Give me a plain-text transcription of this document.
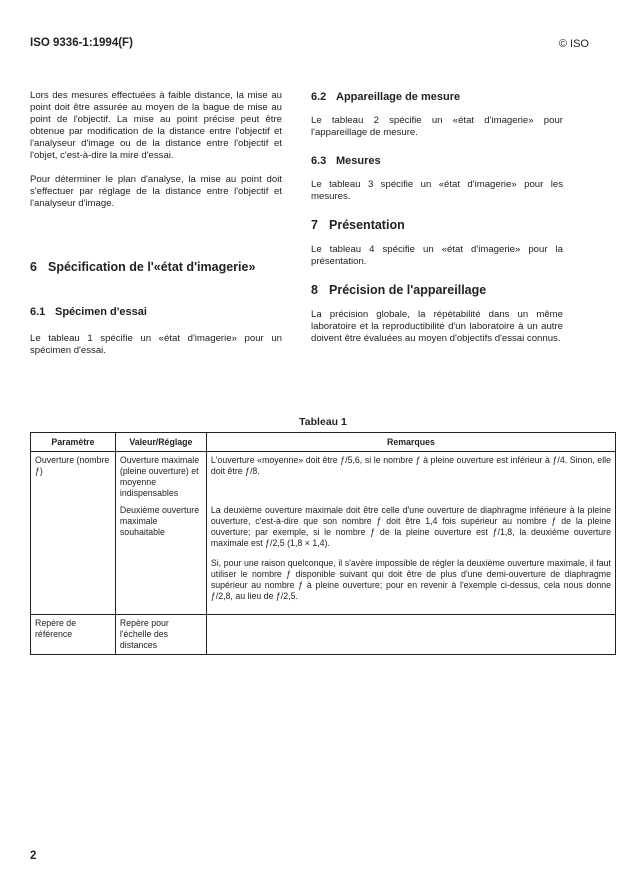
ISO 9336-1:1994(F)	© ISO

Lors des mesures effectuées à faible distance, la mise au point doit être assurée au moyen de la bague de mise au point de l'objectif. La mise au point précise peut être obtenue par modification de la distance entre l'objectif et l'analyseur d'image ou de la distance entre l'objectif et l'objet, c'est-à-dire la mire d'essai.

Pour déterminer le plan d'analyse, la mise au point doit s'effectuer par réglage de la distance entre l'objectif et l'analyseur d'image.

6 Spécification de l'«état d'imagerie»
6.1 Spécimen d'essai
Le tableau 1 spécifie un «état d'imagerie» pour un spécimen d'essai.
6.2 Appareillage de mesure
Le tableau 2 spécifie un «état d'imagerie» pour l'appareillage de mesure.
6.3 Mesures
Le tableau 3 spécifie un «état d'imagerie» pour les mesures.
7 Présentation
Le tableau 4 spécifie un «état d'imagerie» pour la présentation.
8 Précision de l'appareillage
La précision globale, la répétabilité dans un même laboratoire et la reproductibilité d'un laboratoire à un autre doivent être évaluées au moyen d'objectifs d'essai connus.
Tableau 1
Paramètre	Valeur/Réglage	Remarques
Ouverture (nombre ƒ)	Ouverture maximale (pleine ouverture) et moyenne indispensables	L'ouverture «moyenne» doit être ƒ/5,6, si le nombre ƒ à pleine ouverture est inférieur à ƒ/4. Sinon, elle doit être ƒ/8.

	Deuxième ouverture maximale souhaitable	La deuxième ouverture maximale doit être celle d'une ouverture de diaphragme inférieure à la pleine ouverture, c'est-à-dire que son nombre ƒ doit être 1,4 fois supérieur au nombre ƒ de la pleine ouverture; par exemple, si le nombre ƒ de la pleine ouverture est ƒ/1,8, la deuxième ouverture maximale est ƒ/2,5 (1,8 × 1,4).

Si, pour une raison quelconque, il s'avère impossible de régler la deuxième ouverture maximale, il faut utiliser le nombre ƒ disponible suivant qui doit être de plus d'une demi-ouverture de diaphragme supérieur au nombre ƒ à pleine ouverture; pour en revenir à l'exemple ci-dessus, cela nous donne ƒ/2,8, au lieu de ƒ/2,5.

Repère de référence	Repère pour l'échelle des distances	
2
